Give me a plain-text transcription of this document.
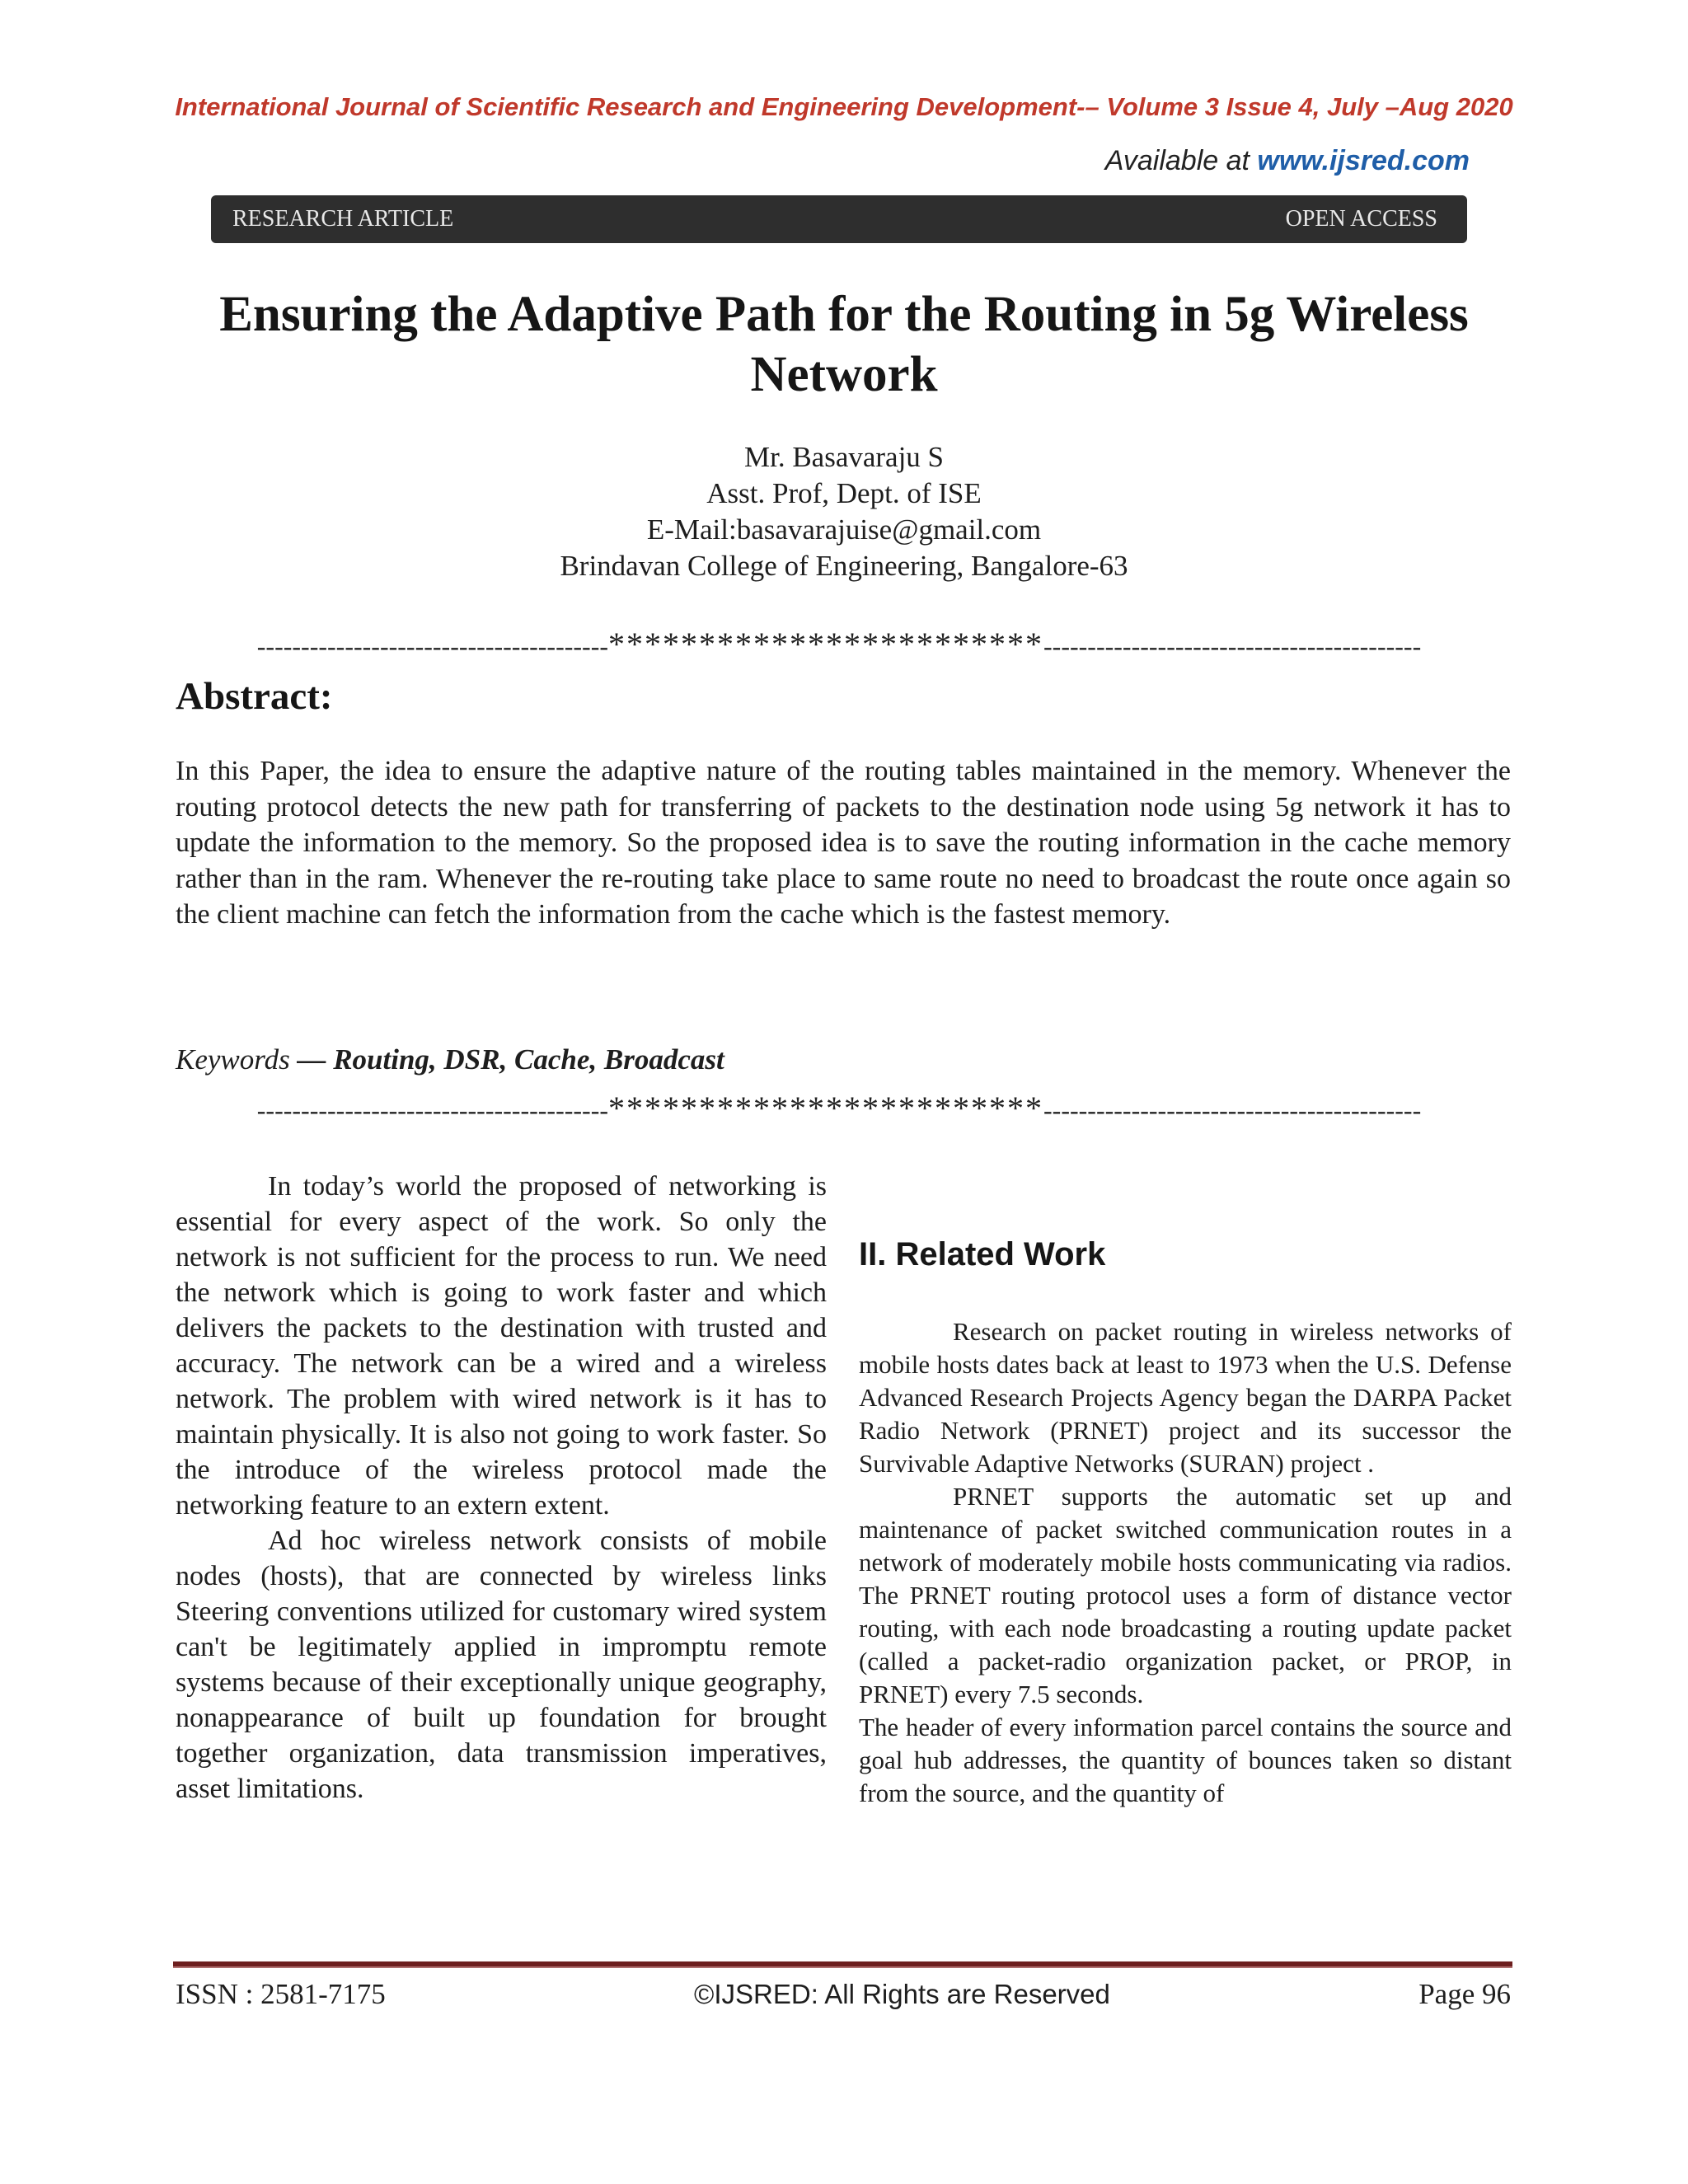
International Journal of Scientific Research and Engineering Development-– Volume 3 Issue 4, July –Aug 2020
Available at www.ijsred.com
RESEARCH ARTICLE	OPEN ACCESS
Ensuring the Adaptive Path for the Routing in 5g Wireless
Network
Mr. Basavaraju S
Asst. Prof, Dept. of ISE
E-Mail:basavarajuise@gmail.com
Brindavan College of Engineering, Bangalore-63
----------------------------------------************************-------------------------------------------
Abstract:
In this Paper, the idea to ensure the adaptive nature of the routing tables maintained in the memory. Whenever the routing protocol detects the new path for transferring of packets to the destination node using 5g network it has to update the information to the memory. So the proposed idea is to save the routing information in the cache memory rather than in the ram. Whenever the re-routing take place to same route no need to broadcast the route once again so the client machine can fetch the information from the cache which is the fastest memory.
Keywords — Routing, DSR, Cache, Broadcast
----------------------------------------************************-------------------------------------------

In today’s world the proposed of networking is essential for every aspect of the work. So only the network is not sufficient for the process to run. We need the network which is going to work faster and which delivers the packets to the destination with trusted and accuracy. The network can be a wired and a wireless network. The problem with wired network is it has to maintain physically. It is also not going to work faster. So the introduce of the wireless protocol made the networking feature to an extern extent.

Ad hoc wireless network consists of mobile nodes (hosts), that are connected by wireless links Steering conventions utilized for customary wired system can't be legitimately applied in impromptu remote systems because of their exceptionally unique geography, nonappearance of built up foundation for brought together organization, data transmission imperatives, asset limitations.

II. Related Work

Research on packet routing in wireless networks of mobile hosts dates back at least to 1973 when the U.S. Defense Advanced Research Projects Agency began the DARPA Packet Radio Network (PRNET) project and its successor the Survivable Adaptive Networks (SURAN) project .

PRNET supports the automatic set up and maintenance of packet switched communication routes in a network of moderately mobile hosts communicating via radios. The PRNET routing protocol uses a form of distance vector routing, with each node broadcasting a routing update packet (called a packet-radio organization packet, or PROP, in PRNET) every 7.5 seconds.

The header of every information parcel contains the source and goal hub addresses, the quantity of bounces taken so distant from the source, and the quantity of

ISSN : 2581-7175	©IJSRED: All Rights are Reserved	Page 96
